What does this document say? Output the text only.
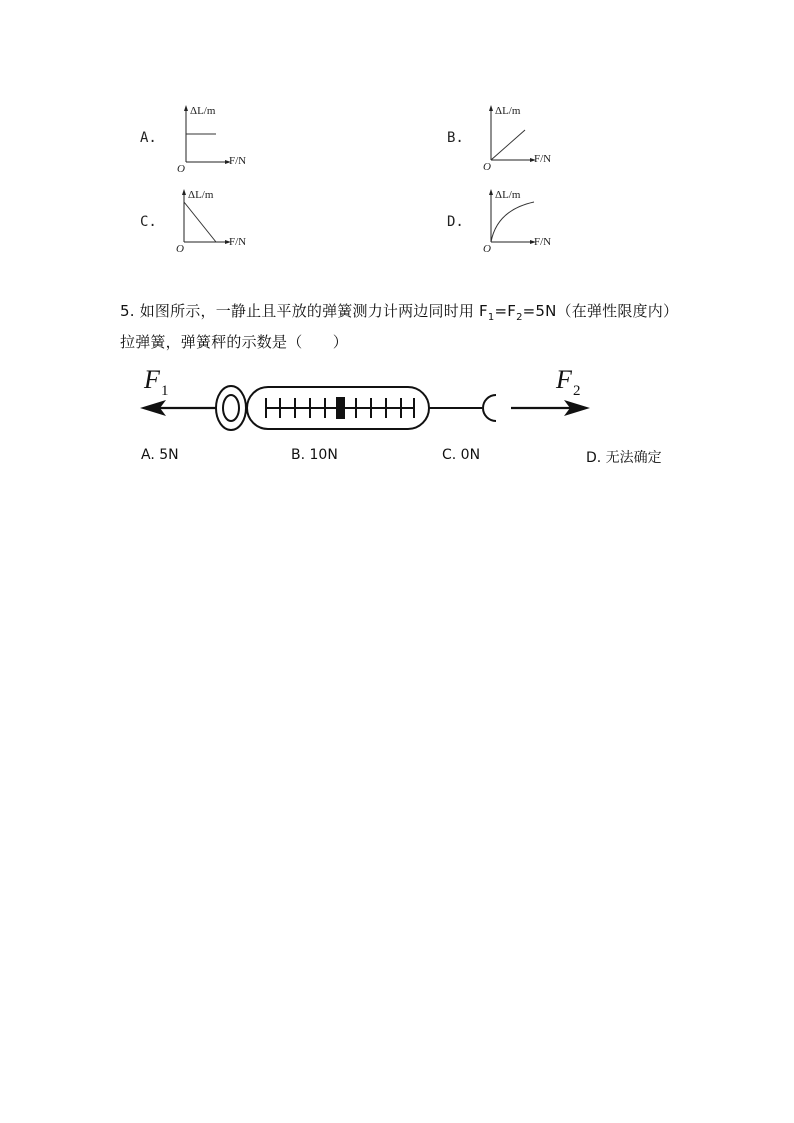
A.
ΔL/m
F/N
O
B.
ΔL/m
F/N
O
C.
ΔL/m
F/N
O
D.
ΔL/m
F/N
O
5. 如图所示，一静止且平放的弹簧测力计两边同时用 $F_1=F_2=5N$（在弹性限度内）
拉弹簧，弹簧秤的示数是（　　）
F 1	F 2
A. 5N	B. 10N	C. 0N	D. 无法确定
